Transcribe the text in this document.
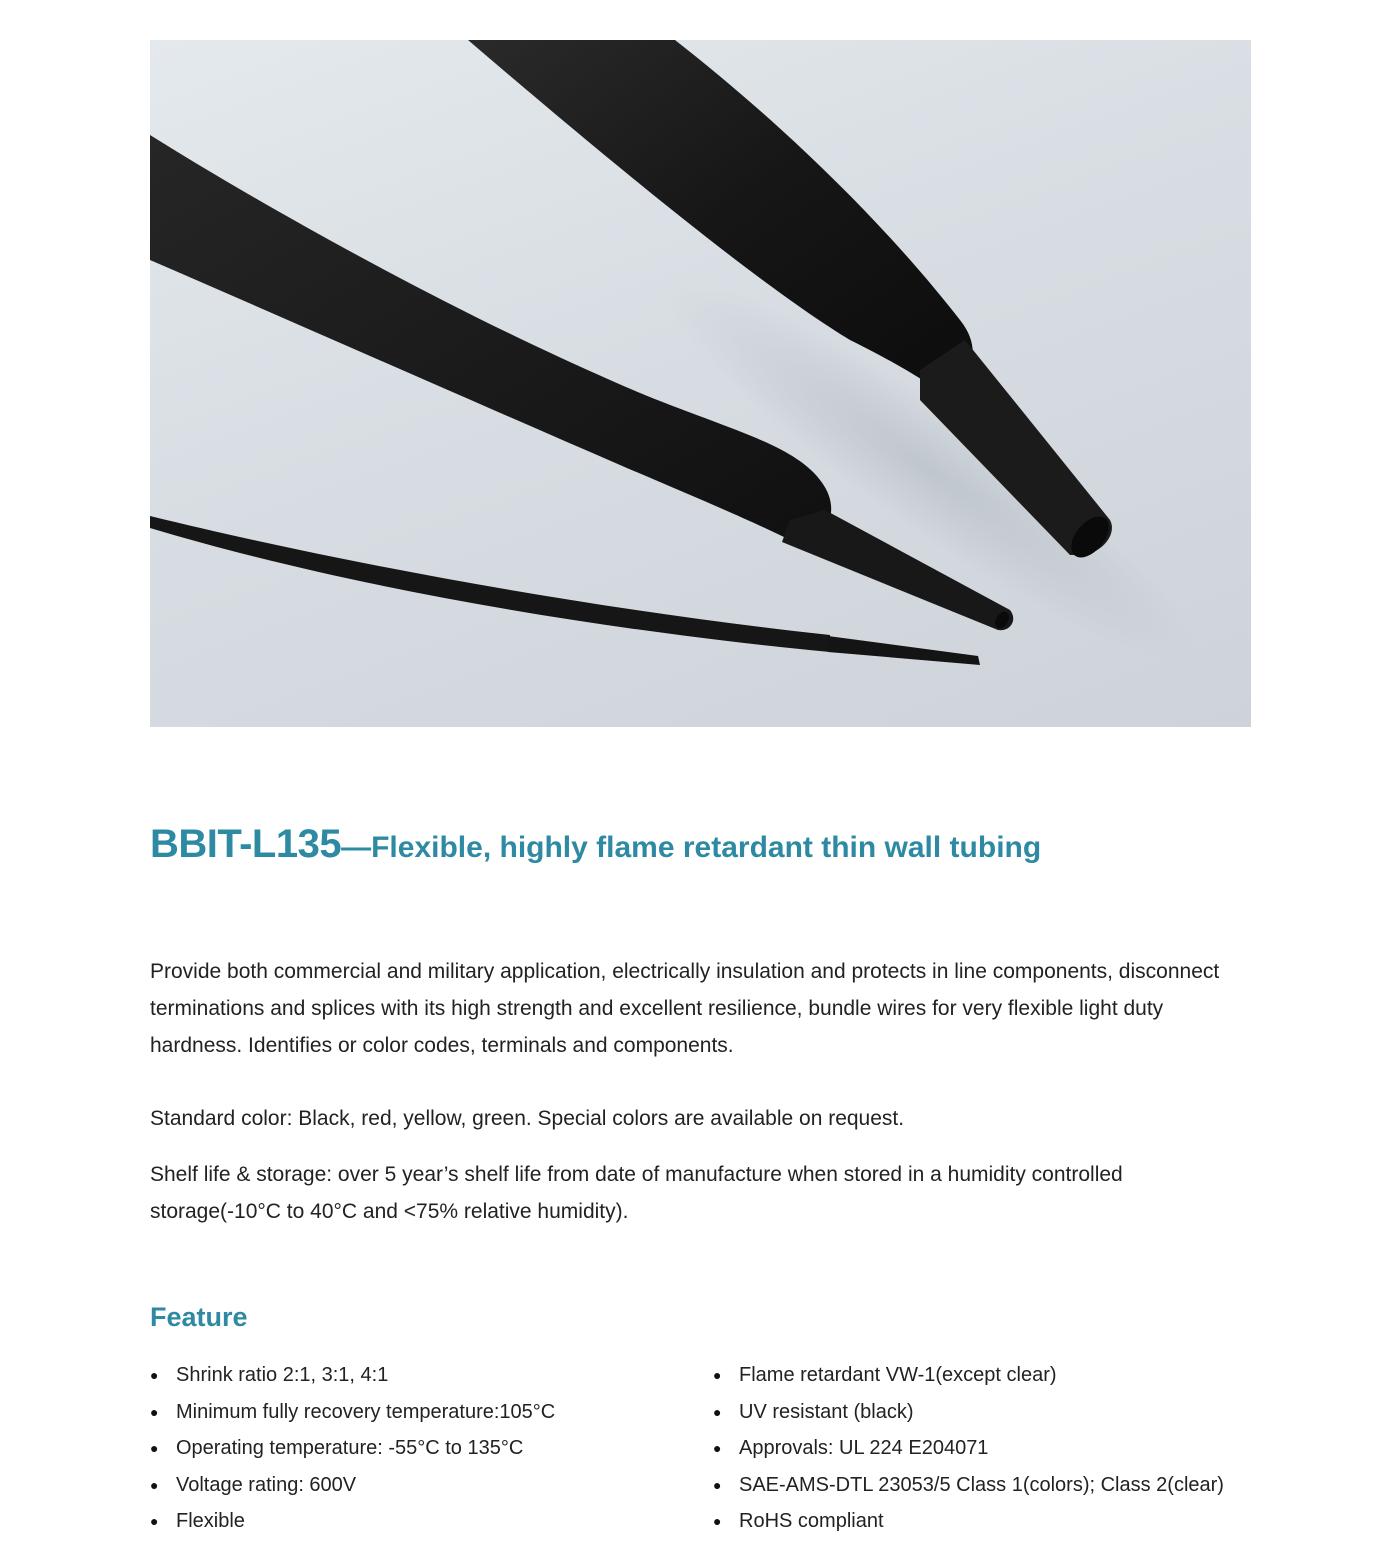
BBIT-L135—Flexible, highly flame retardant thin wall tubing

Provide both commercial and military application, electrically insulation and protects in line components, disconnect terminations and splices with its high strength and excellent resilience, bundle wires for very flexible light duty hardness. Identifies or color codes, terminals and components.

Standard color: Black, red, yellow, green. Special colors are available on request.

Shelf life & storage: over 5 year’s shelf life from date of manufacture when stored in a humidity controlled storage(-10°C to 40°C and <75% relative humidity).

Feature
● Shrink ratio 2:1, 3:1, 4:1
● Minimum fully recovery temperature:105°C
● Operating temperature: -55°C to 135°C
● Voltage rating: 600V
● Flexible
● Flame retardant VW-1(except clear)
● UV resistant (black)
● Approvals: UL 224 E204071
● SAE-AMS-DTL 23053/5 Class 1(colors); Class 2(clear)
● RoHS compliant
